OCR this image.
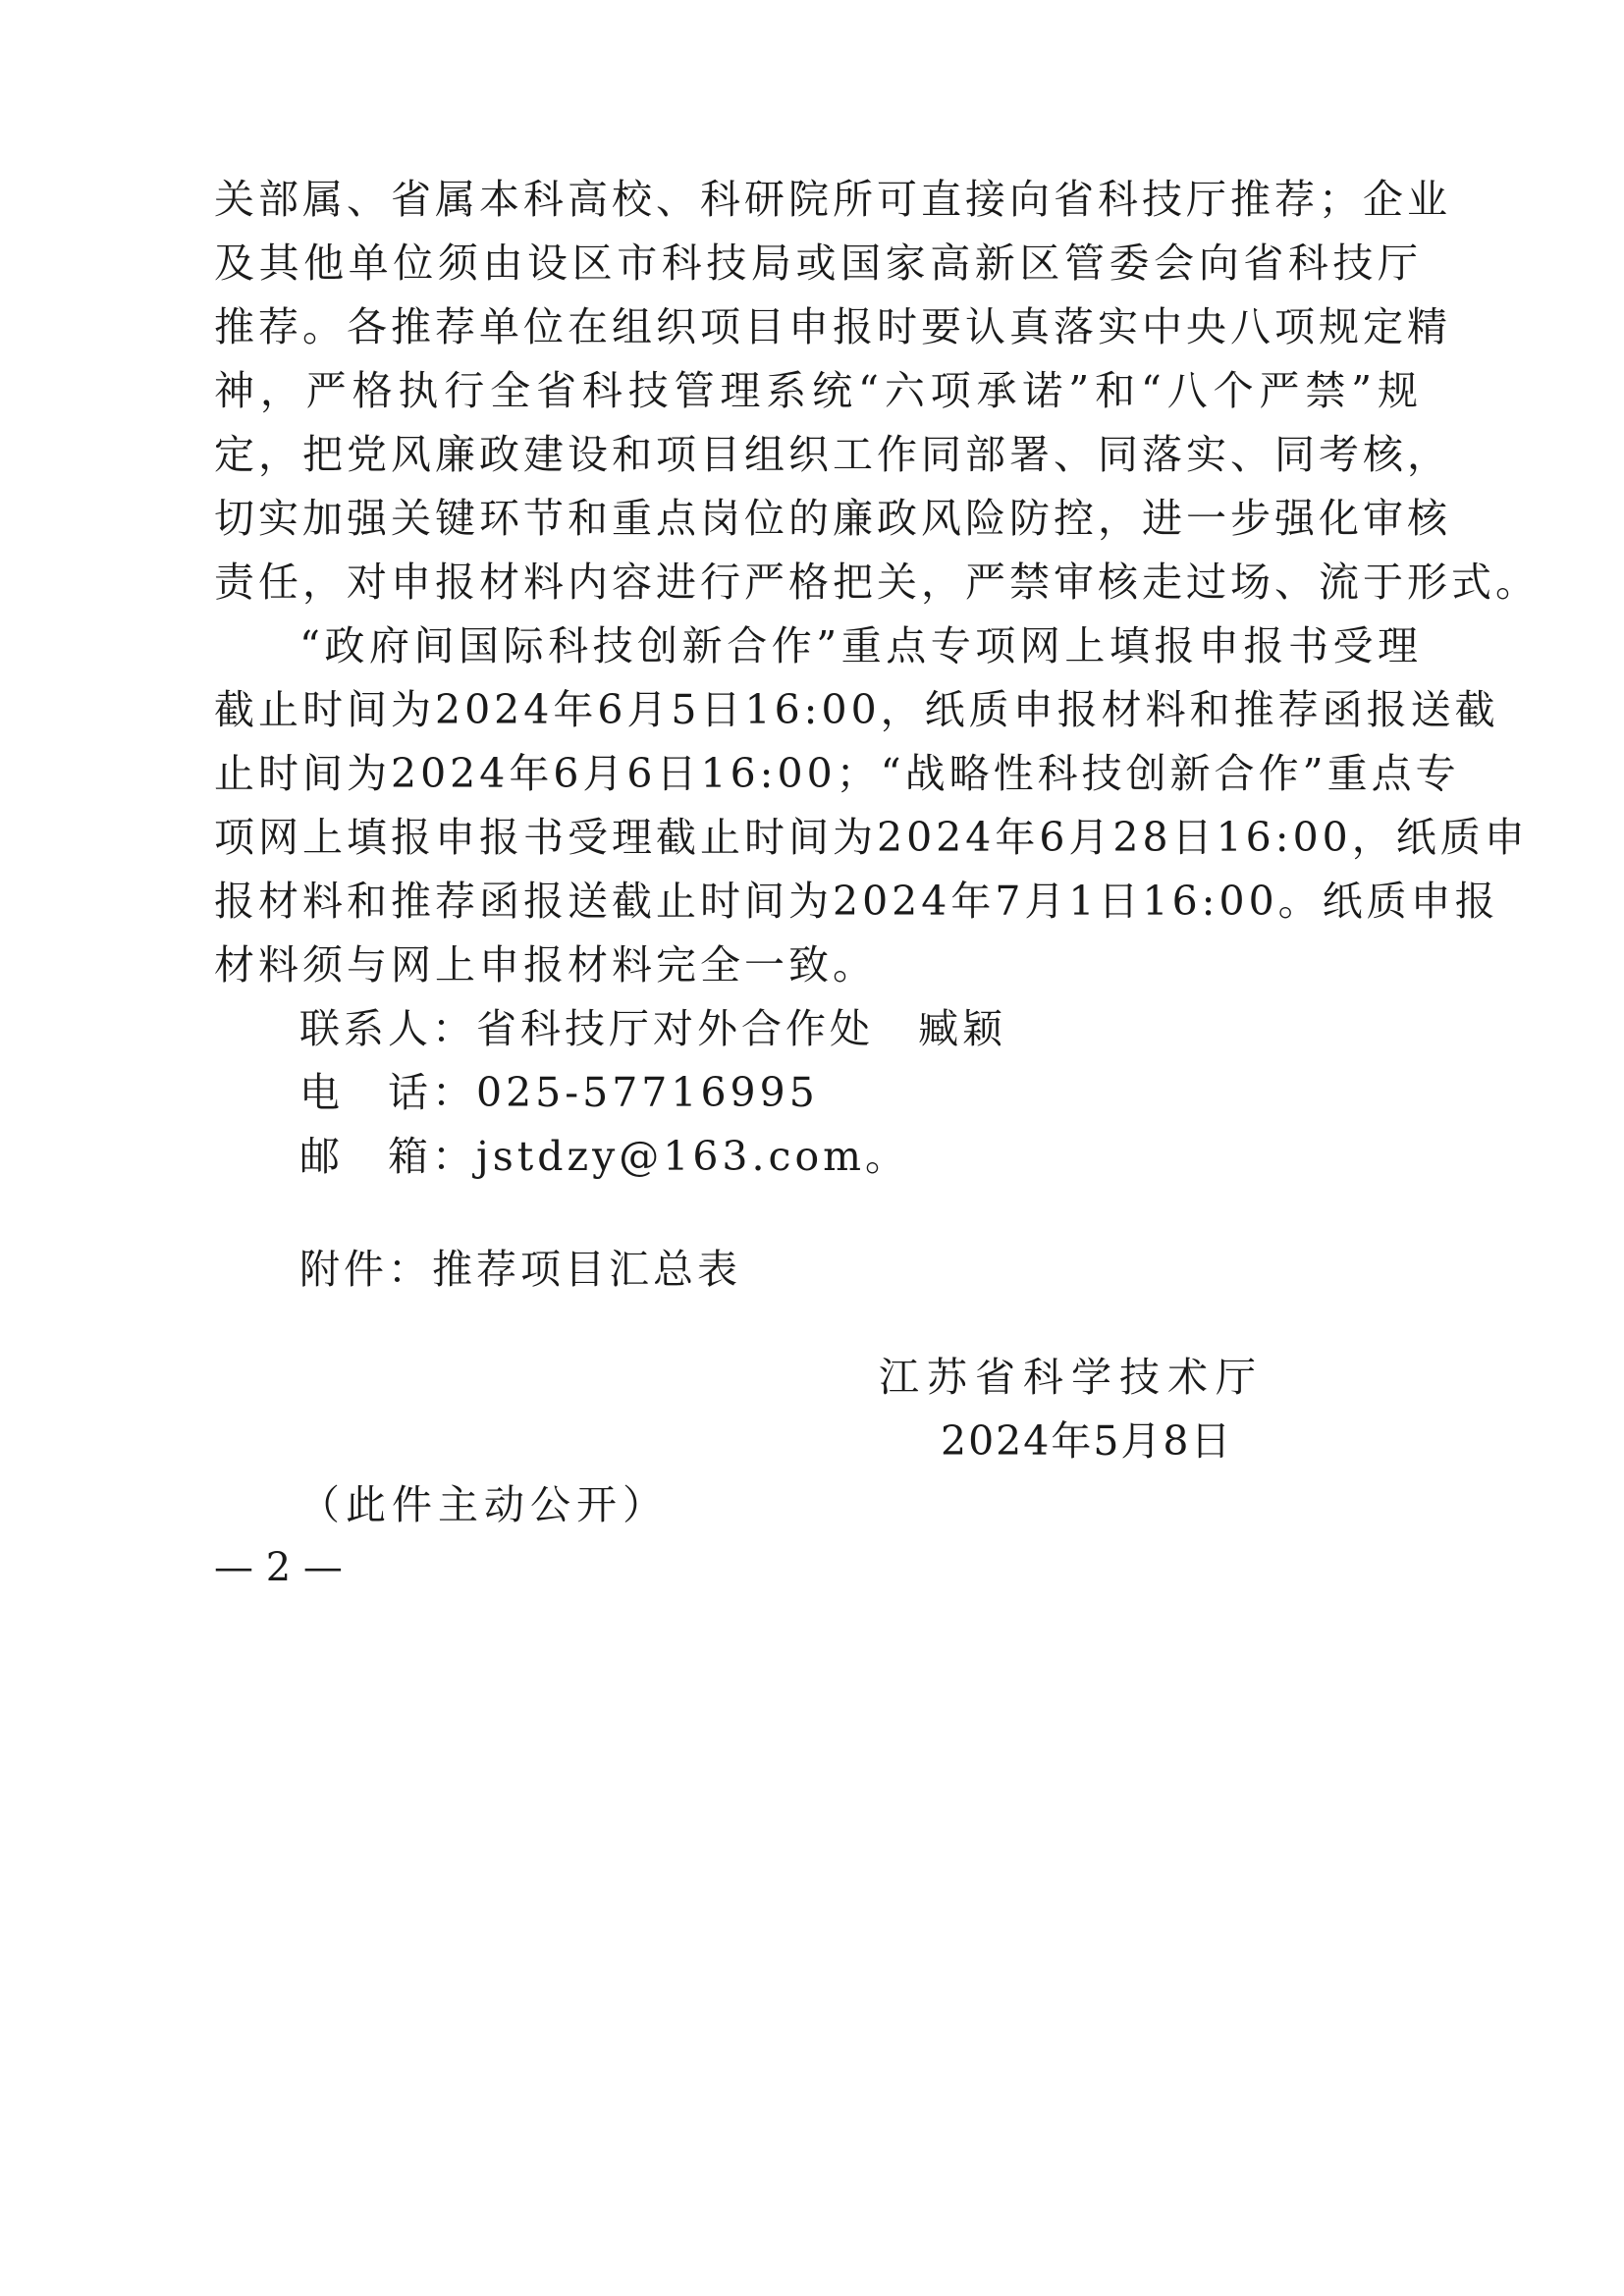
关部属、省属本科高校、科研院所可直接向省科技厅推荐；企业
及其他单位须由设区市科技局或国家高新区管委会向省科技厅
推荐。各推荐单位在组织项目申报时要认真落实中央八项规定精
神，严格执行全省科技管理系统“六项承诺”和“八个严禁”规
定，把党风廉政建设和项目组织工作同部署、同落实、同考核，
切实加强关键环节和重点岗位的廉政风险防控，进一步强化审核
责任，对申报材料内容进行严格把关，严禁审核走过场、流于形式。
“政府间国际科技创新合作”重点专项网上填报申报书受理
截止时间为2024年6月5日16:00，纸质申报材料和推荐函报送截
止时间为2024年6月6日16:00；“战略性科技创新合作”重点专
项网上填报申报书受理截止时间为2024年6月28日16:00，纸质申
报材料和推荐函报送截止时间为2024年7月1日16:00。纸质申报
材料须与网上申报材料完全一致。
联系人：省科技厅对外合作处　臧颖
电　话：025-57716995
邮　箱：jstdzy@163.com。
附件：推荐项目汇总表
江苏省科学技术厅
2024年5月8日
（此件主动公开）
— 2 —
